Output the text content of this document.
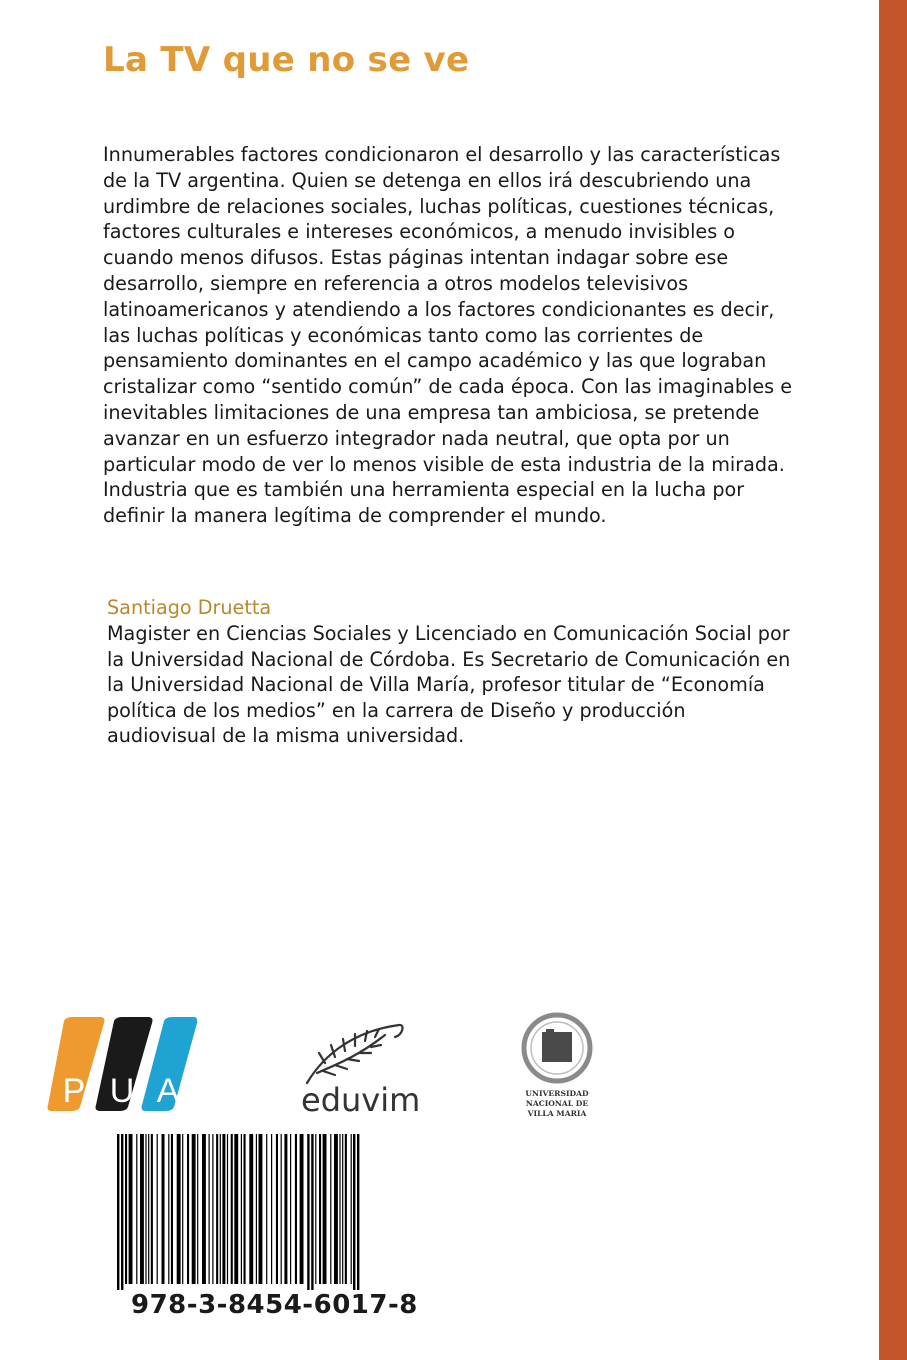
La TV que no se ve
Innumerables factores condicionaron el desarrollo y las características
de la TV argentina. Quien se detenga en ellos irá descubriendo una
urdimbre de relaciones sociales, luchas políticas, cuestiones técnicas,
factores culturales e intereses económicos, a menudo invisibles o
cuando menos difusos. Estas páginas intentan indagar sobre ese
desarrollo, siempre en referencia a otros modelos televisivos
latinoamericanos y atendiendo a los factores condicionantes es decir,
las luchas políticas y económicas tanto como las corrientes de
pensamiento dominantes en el campo académico y las que lograban
cristalizar como “sentido común” de cada época. Con las imaginables e
inevitables limitaciones de una empresa tan ambiciosa, se pretende
avanzar en un esfuerzo integrador nada neutral, que opta por un
particular modo de ver lo menos visible de esta industria de la mirada.
Industria que es también una herramienta especial en la lucha por
definir la manera legítima de comprender el mundo.

Santiago Druetta

Magister en Ciencias Sociales y Licenciado en Comunicación Social por
la Universidad Nacional de Córdoba. Es Secretario de Comunicación en
la Universidad Nacional de Villa María, profesor titular de “Economía
política de los medios” en la carrera de Diseño y producción
audiovisual de la misma universidad.
P U A	eduvim	UNIVERSIDAD
NACIONAL DE
VILLA MARIA

978-3-8454-6017-8
